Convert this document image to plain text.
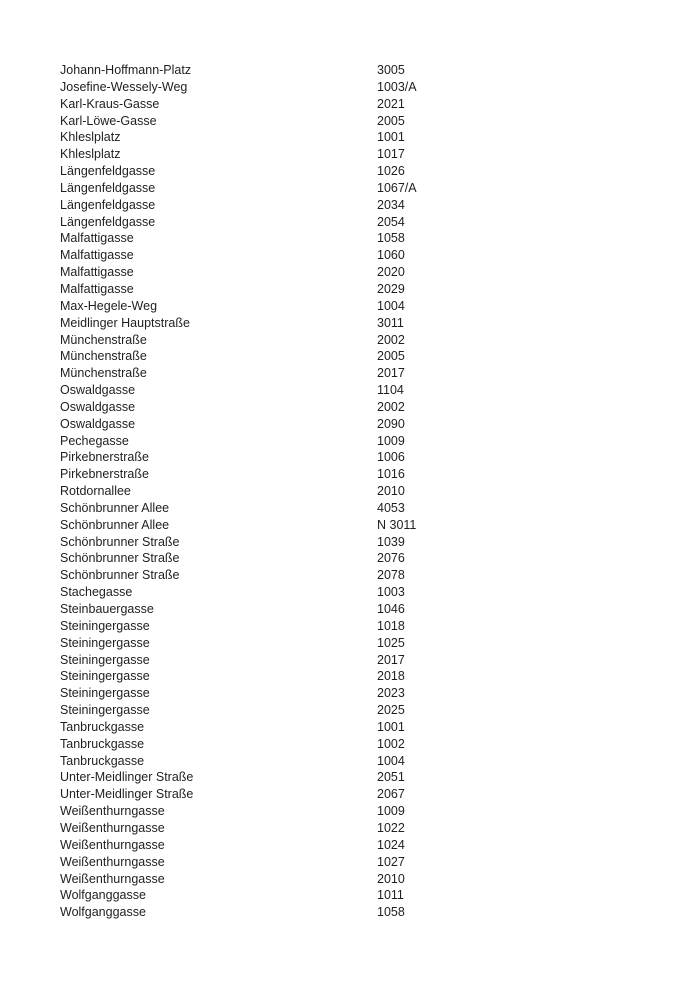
Johann-Hoffmann-Platz	3005
Josefine-Wessely-Weg	1003/A
Karl-Kraus-Gasse	2021
Karl-Löwe-Gasse	2005
Khleslplatz	1001
Khleslplatz	1017
Längenfeldgasse	1026
Längenfeldgasse	1067/A
Längenfeldgasse	2034
Längenfeldgasse	2054
Malfattigasse	1058
Malfattigasse	1060
Malfattigasse	2020
Malfattigasse	2029
Max-Hegele-Weg	1004
Meidlinger Hauptstraße	3011
Münchenstraße	2002
Münchenstraße	2005
Münchenstraße	2017
Oswaldgasse	1104
Oswaldgasse	2002
Oswaldgasse	2090
Pechegasse	1009
Pirkebnerstraße	1006
Pirkebnerstraße	1016
Rotdornallee	2010
Schönbrunner Allee	4053
Schönbrunner Allee	N 3011
Schönbrunner Straße	1039
Schönbrunner Straße	2076
Schönbrunner Straße	2078
Stachegasse	1003
Steinbauergasse	1046
Steiningergasse	1018
Steiningergasse	1025
Steiningergasse	2017
Steiningergasse	2018
Steiningergasse	2023
Steiningergasse	2025
Tanbruckgasse	1001
Tanbruckgasse	1002
Tanbruckgasse	1004
Unter-Meidlinger Straße	2051
Unter-Meidlinger Straße	2067
Weißenthurngasse	1009
Weißenthurngasse	1022
Weißenthurngasse	1024
Weißenthurngasse	1027
Weißenthurngasse	2010
Wolfganggasse	1011
Wolfganggasse	1058
